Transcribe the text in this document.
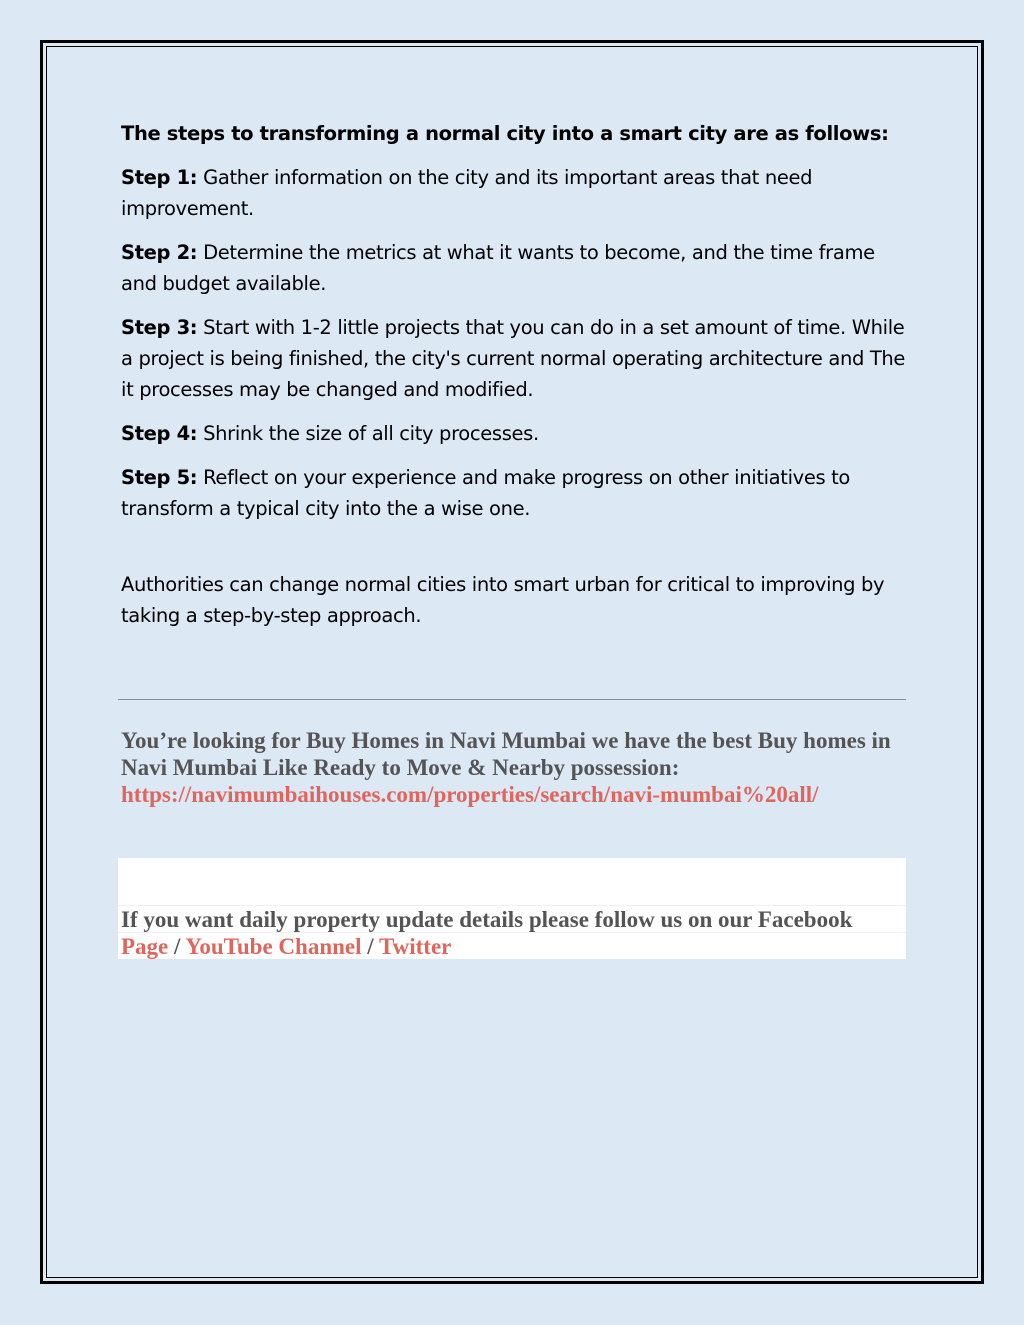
The steps to transforming a normal city into a smart city are as follows:

Step 1: Gather information on the city and its important areas that need improvement.

Step 2: Determine the metrics at what it wants to become, and the time frame and budget available.

Step 3: Start with 1-2 little projects that you can do in a set amount of time. While a project is being finished, the city's current normal operating architecture and The it processes may be changed and modified.

Step 4: Shrink the size of all city processes.

Step 5: Reflect on your experience and make progress on other initiatives to transform a typical city into the a wise one.

Authorities can change normal cities into smart urban for critical to improving by taking a step-by-step approach.

You’re looking for Buy Homes in Navi Mumbai we have the best Buy homes in Navi Mumbai Like Ready to Move & Nearby possession: https://navimumbaihouses.com/properties/search/navi-mumbai%20all/
If you want daily property update details please follow us on our Facebook Page / YouTube Channel / Twitter
